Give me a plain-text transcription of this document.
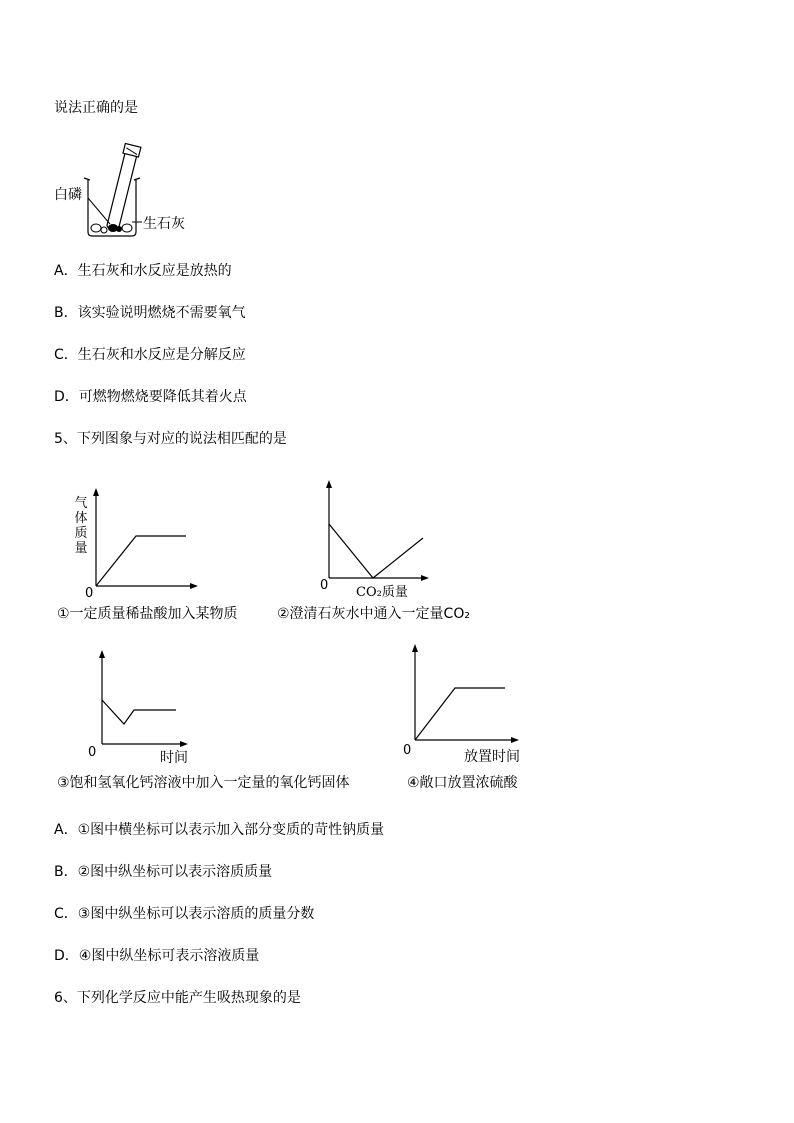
说法正确的是
白磷
生石灰
A．生石灰和水反应是放热的
B．该实验说明燃烧不需要氧气
C．生石灰和水反应是分解反应
D．可燃物燃烧要降低其着火点
5、下列图象与对应的说法相匹配的是
气
体
质
量
0
①一定质量稀盐酸加入某物质
0 CO₂质量
②澄清石灰水中通入一定量CO₂
0	时间
③饱和氢氧化钙溶液中加入一定量的氧化钙固体
0	放置时间
④敞口放置浓硫酸
A．①图中横坐标可以表示加入部分变质的苛性钠质量
B．②图中纵坐标可以表示溶质质量
C．③图中纵坐标可以表示溶质的质量分数
D．④图中纵坐标可表示溶液质量
6、下列化学反应中能产生吸热现象的是
